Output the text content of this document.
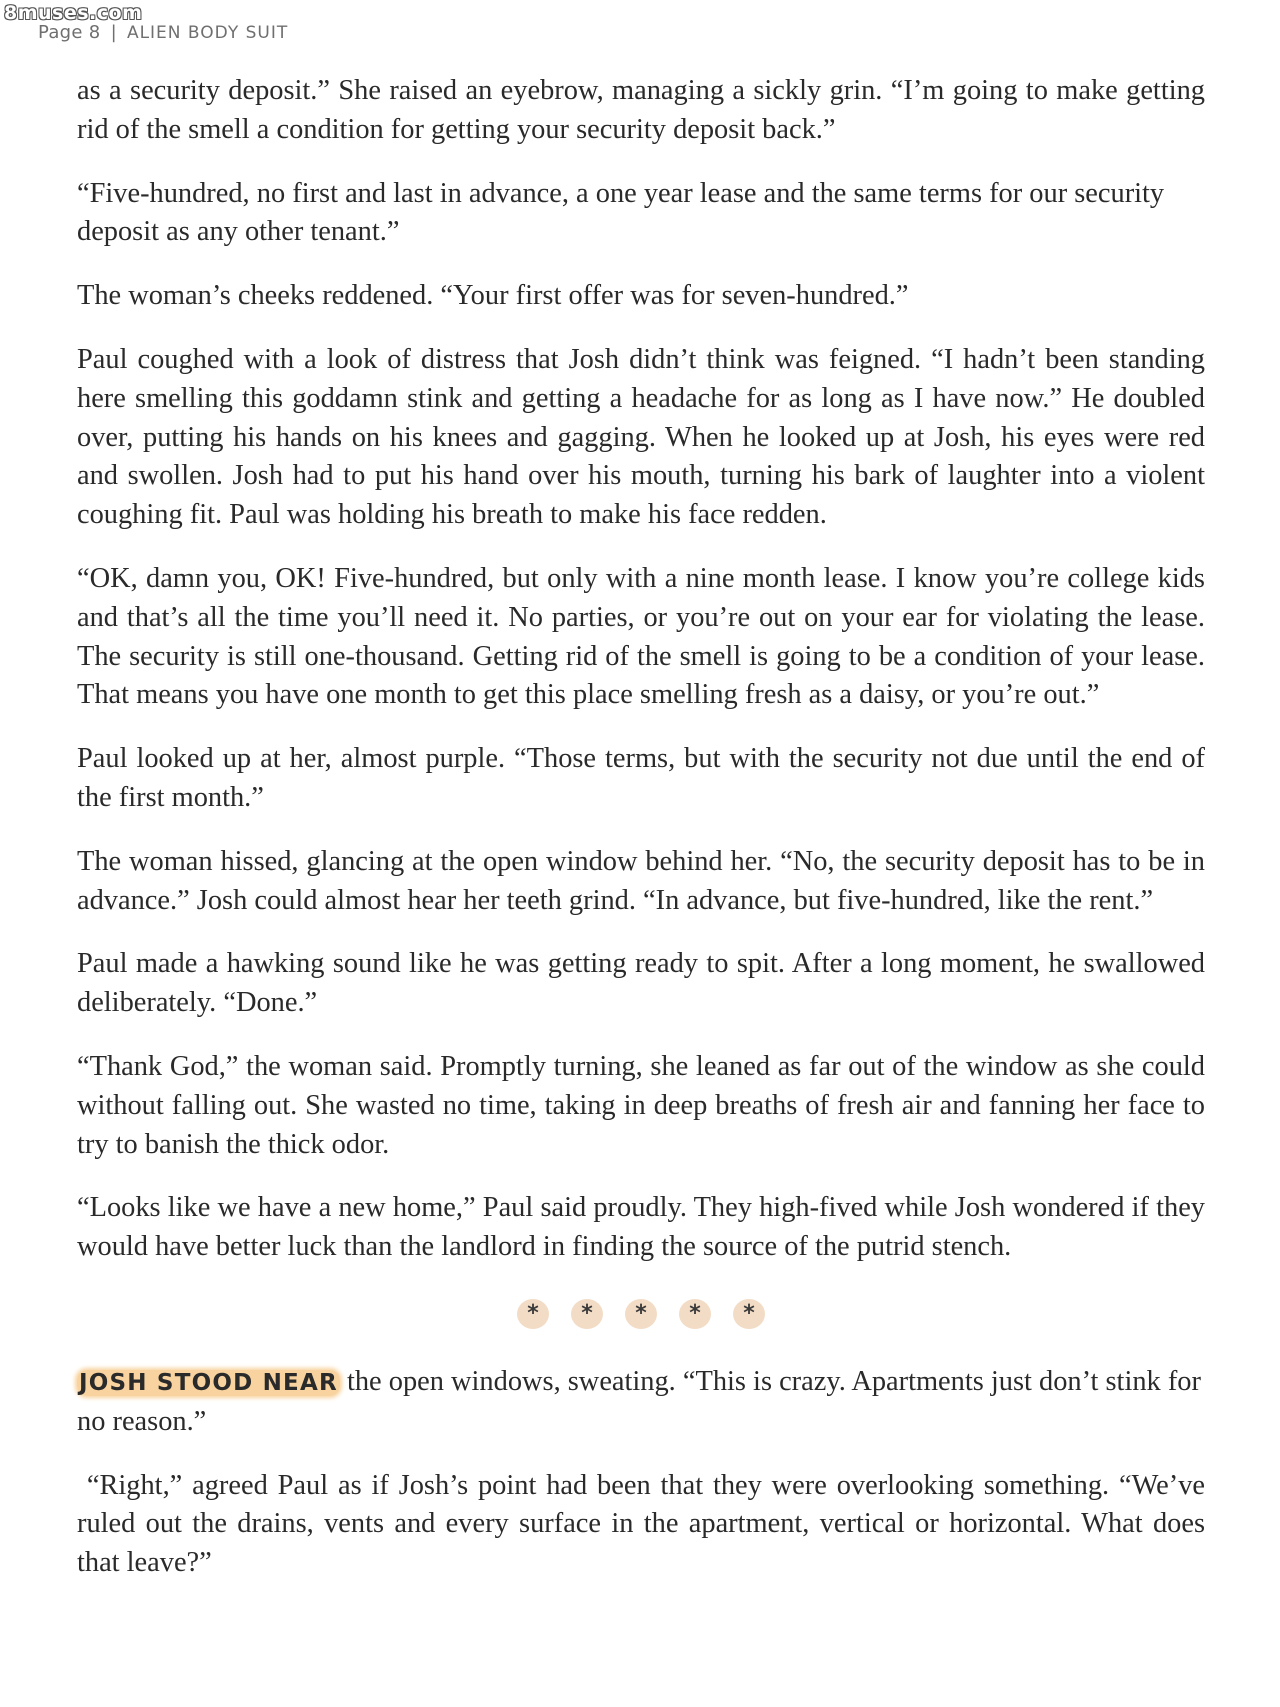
8muses.com
Page 8 | ALIEN BODY SUIT

as a security deposit.” She raised an eyebrow, managing a sickly grin. “I’m going to make getting rid of the smell a condition for getting your security deposit back.”

“Five-hundred, no first and last in advance, a one year lease and the same terms for our security deposit as any other tenant.”

The woman’s cheeks reddened. “Your first offer was for seven-hundred.”

Paul coughed with a look of distress that Josh didn’t think was feigned. “I hadn’t been standing here smelling this goddamn stink and getting a headache for as long as I have now.” He doubled over, putting his hands on his knees and gagging. When he looked up at Josh, his eyes were red and swollen. Josh had to put his hand over his mouth, turning his bark of laughter into a violent coughing fit. Paul was holding his breath to make his face redden.

“OK, damn you, OK! Five-hundred, but only with a nine month lease. I know you’re college kids and that’s all the time you’ll need it. No parties, or you’re out on your ear for violating the lease. The security is still one-thousand. Getting rid of the smell is going to be a condition of your lease. That means you have one month to get this place smelling fresh as a daisy, or you’re out.”

Paul looked up at her, almost purple. “Those terms, but with the security not due until the end of the first month.”

The woman hissed, glancing at the open window behind her. “No, the security deposit has to be in advance.” Josh could almost hear her teeth grind. “In advance, but five-hundred, like the rent.”

Paul made a hawking sound like he was getting ready to spit. After a long moment, he swallowed deliberately. “Done.”

“Thank God,” the woman said. Promptly turning, she leaned as far out of the window as she could without falling out. She wasted no time, taking in deep breaths of fresh air and fanning her face to try to banish the thick odor.

“Looks like we have a new home,” Paul said proudly. They high-fived while Josh wondered if they would have better luck than the landlord in finding the source of the putrid stench.

*	*	*	*	*

JOSH STOOD NEAR the open windows, sweating. “This is crazy. Apartments just don’t stink for no reason.”

“Right,” agreed Paul as if Josh’s point had been that they were overlooking something. “We’ve ruled out the drains, vents and every surface in the apartment, vertical or horizontal. What does that leave?”
